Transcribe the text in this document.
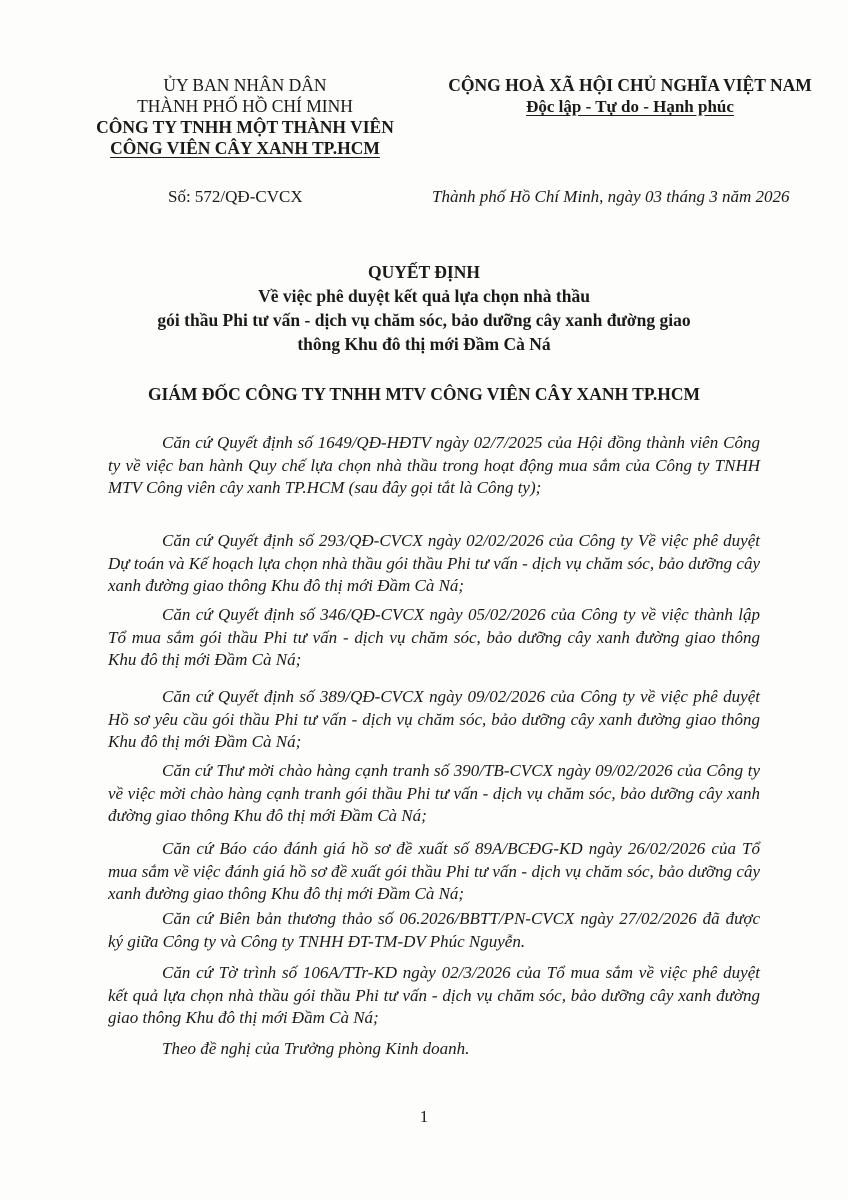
ỦY BAN NHÂN DÂN
THÀNH PHỐ HỒ CHÍ MINH
CÔNG TY TNHH MỘT THÀNH VIÊN
CÔNG VIÊN CÂY XANH TP.HCM
CỘNG HOÀ XÃ HỘI CHỦ NGHĨA VIỆT NAM
Độc lập - Tự do - Hạnh phúc
Số: 572/QĐ-CVCX	Thành phố Hồ Chí Minh, ngày 03 tháng 3 năm 2026
QUYẾT ĐỊNH
Về việc phê duyệt kết quả lựa chọn nhà thầu
gói thầu Phi tư vấn - dịch vụ chăm sóc, bảo dưỡng cây xanh đường giao
thông Khu đô thị mới Đầm Cà Ná
GIÁM ĐỐC CÔNG TY TNHH MTV CÔNG VIÊN CÂY XANH TP.HCM

Căn cứ Quyết định số 1649/QĐ-HĐTV ngày 02/7/2025 của Hội đồng thành viên Công ty về việc ban hành Quy chế lựa chọn nhà thầu trong hoạt động mua sắm của Công ty TNHH MTV Công viên cây xanh TP.HCM (sau đây gọi tắt là Công ty);

Căn cứ Quyết định số 293/QĐ-CVCX ngày 02/02/2026 của Công ty Về việc phê duyệt Dự toán và Kế hoạch lựa chọn nhà thầu gói thầu Phi tư vấn - dịch vụ chăm sóc, bảo dưỡng cây xanh đường giao thông Khu đô thị mới Đầm Cà Ná;

Căn cứ Quyết định số 346/QĐ-CVCX ngày 05/02/2026 của Công ty về việc thành lập Tổ mua sắm gói thầu Phi tư vấn - dịch vụ chăm sóc, bảo dưỡng cây xanh đường giao thông Khu đô thị mới Đầm Cà Ná;

Căn cứ Quyết định số 389/QĐ-CVCX ngày 09/02/2026 của Công ty về việc phê duyệt Hồ sơ yêu cầu gói thầu Phi tư vấn - dịch vụ chăm sóc, bảo dưỡng cây xanh đường giao thông Khu đô thị mới Đầm Cà Ná;

Căn cứ Thư mời chào hàng cạnh tranh số 390/TB-CVCX ngày 09/02/2026 của Công ty về việc mời chào hàng cạnh tranh gói thầu Phi tư vấn - dịch vụ chăm sóc, bảo dưỡng cây xanh đường giao thông Khu đô thị mới Đầm Cà Ná;

Căn cứ Báo cáo đánh giá hồ sơ đề xuất số 89A/BCĐG-KD ngày 26/02/2026 của Tổ mua sắm về việc đánh giá hồ sơ đề xuất gói thầu Phi tư vấn - dịch vụ chăm sóc, bảo dưỡng cây xanh đường giao thông Khu đô thị mới Đầm Cà Ná;

Căn cứ Biên bản thương thảo số 06.2026/BBTT/PN-CVCX ngày 27/02/2026 đã được ký giữa Công ty và Công ty TNHH ĐT-TM-DV Phúc Nguyễn.

Căn cứ Tờ trình số 106A/TTr-KD ngày 02/3/2026 của Tổ mua sắm về việc phê duyệt kết quả lựa chọn nhà thầu gói thầu Phi tư vấn - dịch vụ chăm sóc, bảo dưỡng cây xanh đường giao thông Khu đô thị mới Đầm Cà Ná;

Theo đề nghị của Trưởng phòng Kinh doanh.

1
